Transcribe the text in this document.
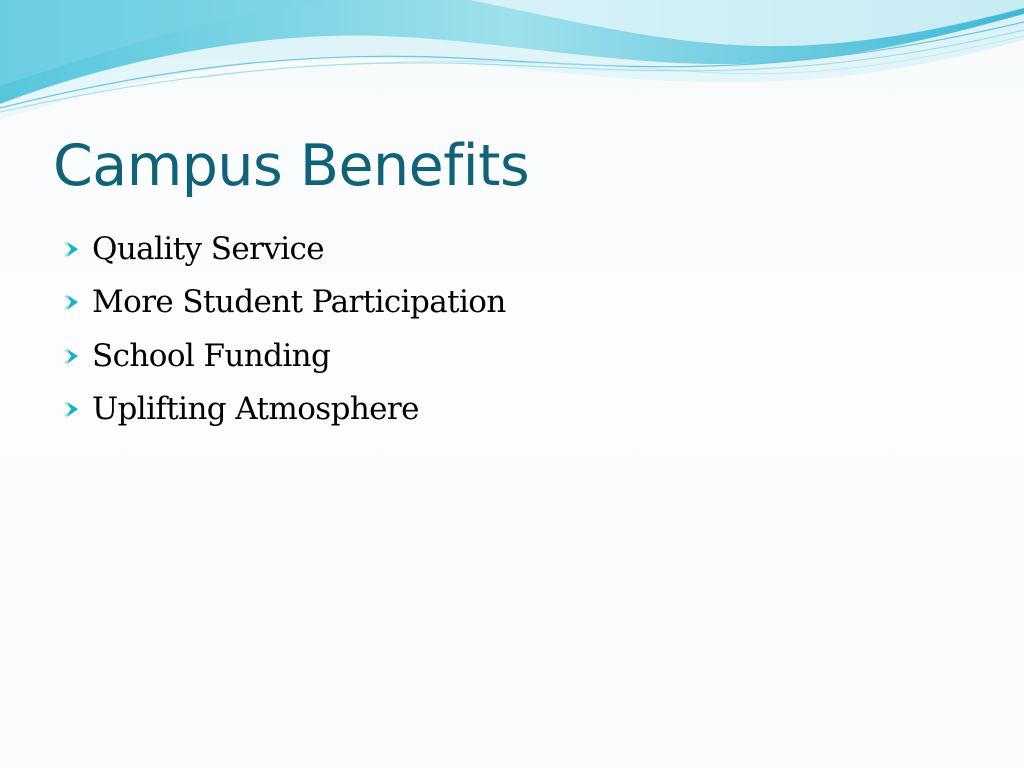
Campus Benefits
Quality Service
More Student Participation
School Funding
Uplifting Atmosphere
